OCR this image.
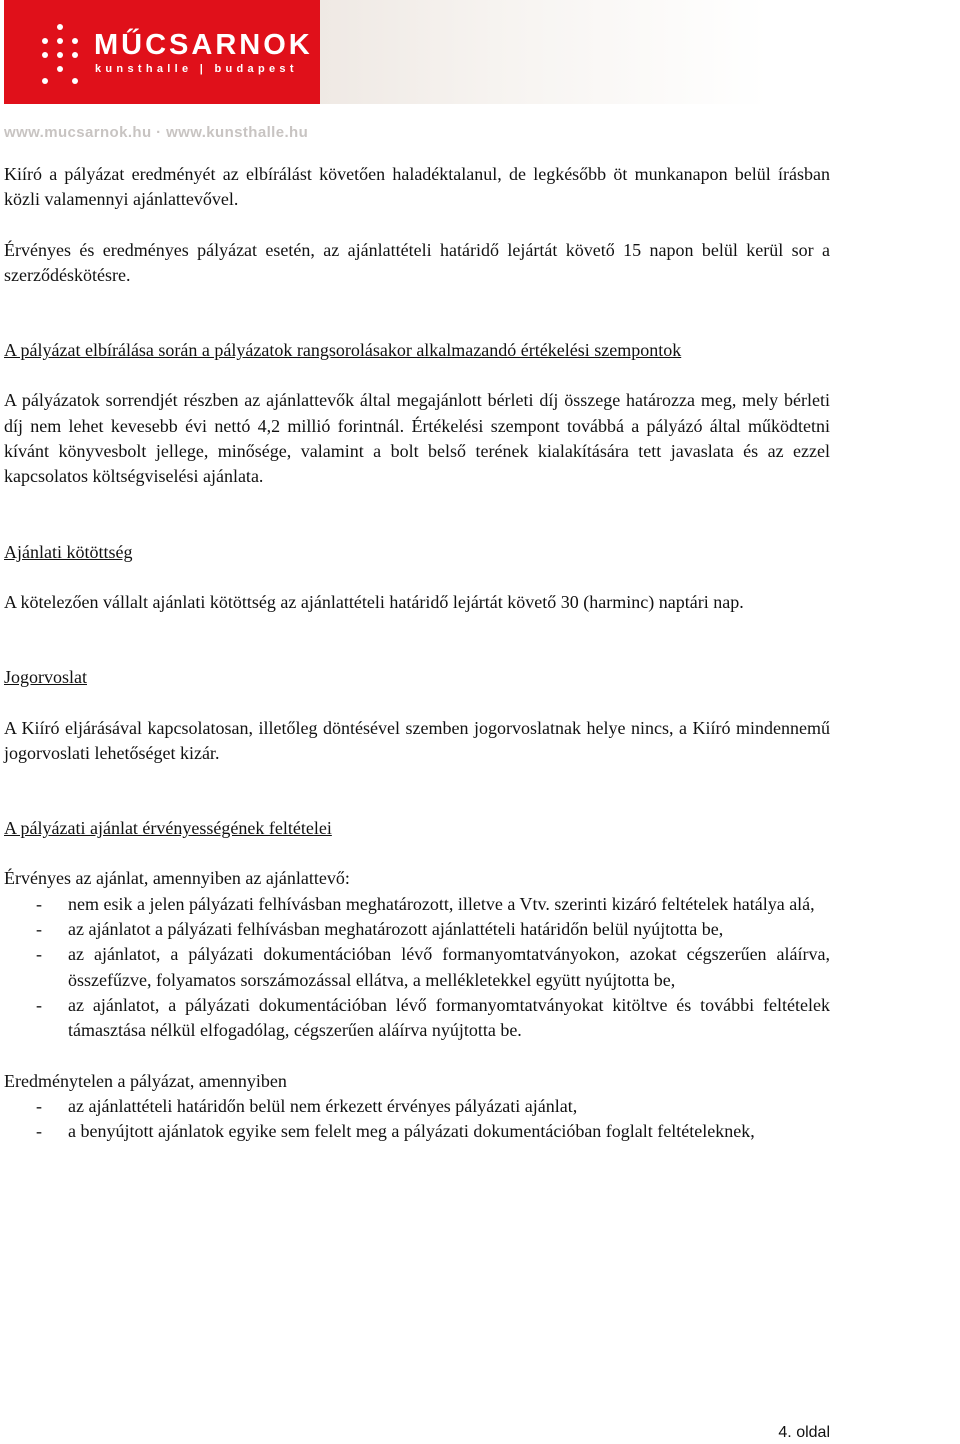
MŰCSARNOK
kunsthalle | budapest
www.mucsarnok.hu · www.kunsthalle.hu

Kiíró a pályázat eredményét az elbírálást követően haladéktalanul, de legkésőbb öt munkanapon belül írásban közli valamennyi ajánlattevővel.

Érvényes és eredményes pályázat esetén, az ajánlattételi határidő lejártát követő 15 napon belül kerül sor a szerződéskötésre.

A pályázat elbírálása során a pályázatok rangsorolásakor alkalmazandó értékelési szempontok

A pályázatok sorrendjét részben az ajánlattevők által megajánlott bérleti díj összege határozza meg, mely bérleti díj nem lehet kevesebb évi nettó 4,2 millió forintnál. Értékelési szempont továbbá a pályázó által működtetni kívánt könyvesbolt jellege, minősége, valamint a bolt belső terének kialakítására tett javaslata és az ezzel kapcsolatos költségviselési ajánlata.

Ajánlati kötöttség

A kötelezően vállalt ajánlati kötöttség az ajánlattételi határidő lejártát követő 30 (harminc) naptári nap.

Jogorvoslat

A Kiíró eljárásával kapcsolatosan, illetőleg döntésével szemben jogorvoslatnak helye nincs, a Kiíró mindennemű jogorvoslati lehetőséget kizár.

A pályázati ajánlat érvényességének feltételei

Érvényes az ajánlat, amennyiben az ajánlattevő:

- nem esik a jelen pályázati felhívásban meghatározott, illetve a Vtv. szerinti kizáró feltételek hatálya alá,
- az ajánlatot a pályázati felhívásban meghatározott ajánlattételi határidőn belül nyújtotta be,
- az ajánlatot, a pályázati dokumentációban lévő formanyomtatványokon, azokat cégszerűen aláírva, összefűzve, folyamatos sorszámozással ellátva, a mellékletekkel együtt nyújtotta be,
- az ajánlatot, a pályázati dokumentációban lévő formanyomtatványokat kitöltve és további feltételek támasztása nélkül elfogadólag, cégszerűen aláírva nyújtotta be.

Eredménytelen a pályázat, amennyiben

- az ajánlattételi határidőn belül nem érkezett érvényes pályázati ajánlat,
- a benyújtott ajánlatok egyike sem felelt meg a pályázati dokumentációban foglalt feltételeknek,
4. oldal
